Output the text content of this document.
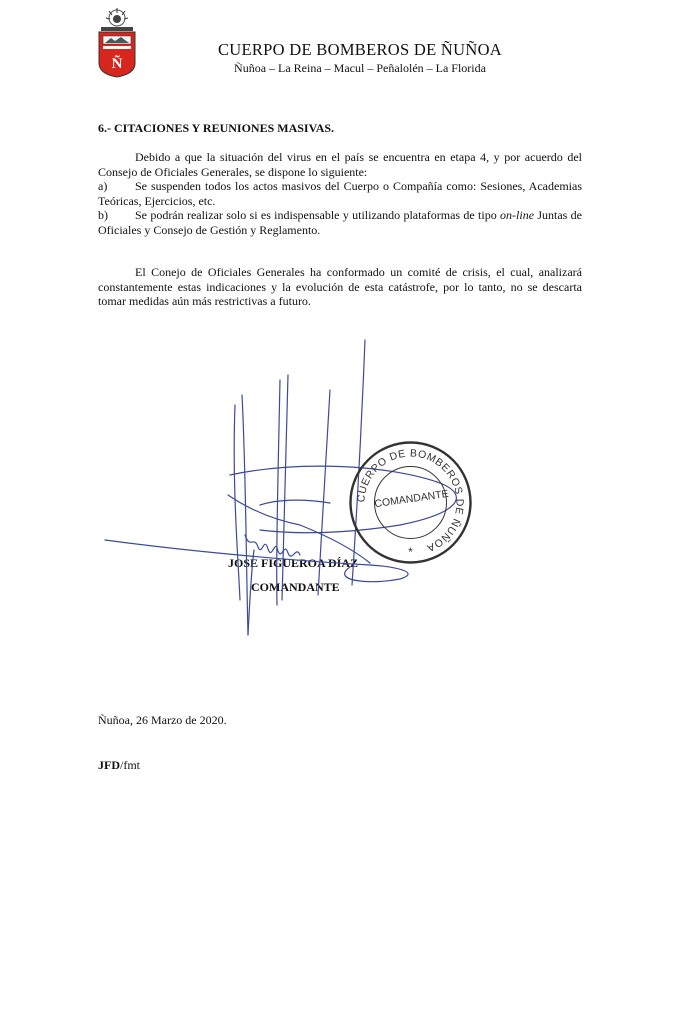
Ñ
CUERPO DE BOMBEROS DE ÑUÑOA
Ñuñoa – La Reina – Macul – Peñalolén – La Florida
6.- CITACIONES Y REUNIONES MASIVAS.
Debido a que la situación del virus en el país se encuentra en etapa 4, y por acuerdo del Consejo de Oficiales Generales, se dispone lo siguiente:
a)	Se suspenden todos los actos masivos del Cuerpo o Compañía como: Sesiones, Academias Teóricas, Ejercicios, etc.
b)	Se podrán realizar solo si es indispensable y utilizando plataformas de tipo on-line Juntas de Oficiales y Consejo de Gestión y Reglamento.
El Conejo de Oficiales Generales ha conformado un comité de crisis, el cual, analizará constantemente estas indicaciones y la evolución de esta catástrofe, por lo tanto, no se descarta tomar medidas aún más restrictivas a futuro.
JOSE FIGUEROA DÍAZ
COMANDANTE
CUERPO DE BOMBEROS DE ÑUÑOA
COMANDANTE
*
Ñuñoa, 26 Marzo de 2020.
JFD/fmt
